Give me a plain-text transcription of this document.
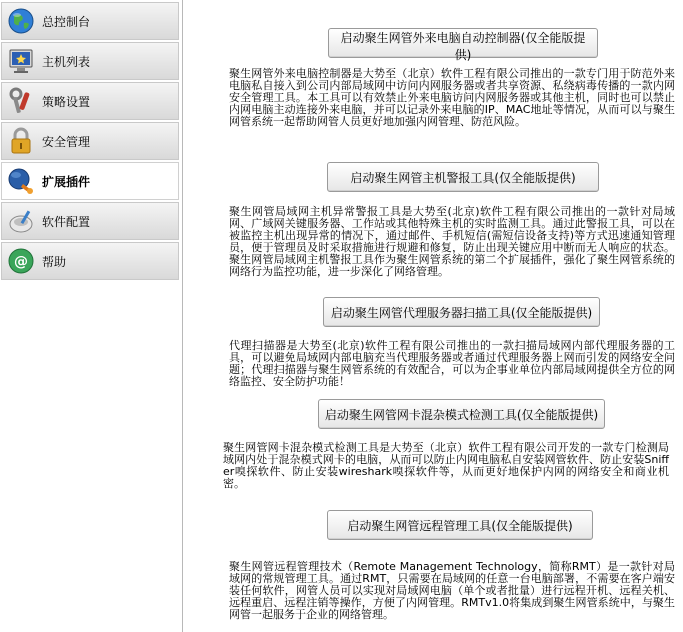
总控制台
主机列表
策略设置
安全管理
扩展插件
软件配置
@ 帮助
启动聚生网管外来电脑自动控制器(仅全能版提供)
聚生网管外来电脑控制器是大势至（北京）软件工程有限公司推出的一款专门用于防范外来电脑私自接入到公司内部局域网中访问内网服务器或者共享资源、私绕病毒传播的一款内网安全管理工具。本工具可以有效禁止外来电脑访问内网服务器或其他主机，同时也可以禁止内网电脑主动连接外来电脑，并可以记录外来电脑的IP、MAC地址等情况，从而可以与聚生网管系统一起帮助网管人员更好地加强内网管理、防范风险。
启动聚生网管主机警报工具(仅全能版提供)
聚生网管局域网主机异常警报工具是大势至(北京)软件工程有限公司推出的一款针对局域网、广域网关键服务器、工作站或其他特殊主机的实时监测工具。通过此警报工具，可以在被监控主机出现异常的情况下，通过邮件、手机短信(需短信设备支持)等方式迅速通知管理员，便于管理员及时采取措施进行规避和修复，防止出现关键应用中断而无人响应的状态。聚生网管局域网主机警报工具作为聚生网管系统的第二个扩展插件，强化了聚生网管系统的网络行为监控功能，进一步深化了网络管理。
启动聚生网管代理服务器扫描工具(仅全能版提供)
代理扫描器是大势至(北京)软件工程有限公司推出的一款扫描局域网内部代理服务器的工具，可以避免局域网内部电脑充当代理服务器或者通过代理服务器上网而引发的网络安全问题；代理扫描器与聚生网管系统的有效配合，可以为企事业单位内部局域网提供全方位的网络监控、安全防护功能！
启动聚生网管网卡混杂模式检测工具(仅全能版提供)
聚生网管网卡混杂模式检测工具是大势至（北京）软件工程有限公司开发的一款专门检测局域网内处于混杂模式网卡的电脑，从而可以防止内网电脑私自安装网管软件、防止安装Sniffer嗅探软件、防止安装wireshark嗅探软件等，从而更好地保护内网的网络安全和商业机密。
启动聚生网管远程管理工具(仅全能版提供)
聚生网管远程管理技术（Remote Management Technology，简称RMT）是一款针对局域网的常规管理工具。通过RMT，只需要在局域网的任意一台电脑部署，不需要在客户端安装任何软件，网管人员可以实现对局域网电脑（单个或者批量）进行远程开机、远程关机、远程重启、远程注销等操作，方便了内网管理。RMTv1.0将集成到聚生网管系统中，与聚生网管一起服务于企业的网络管理。
